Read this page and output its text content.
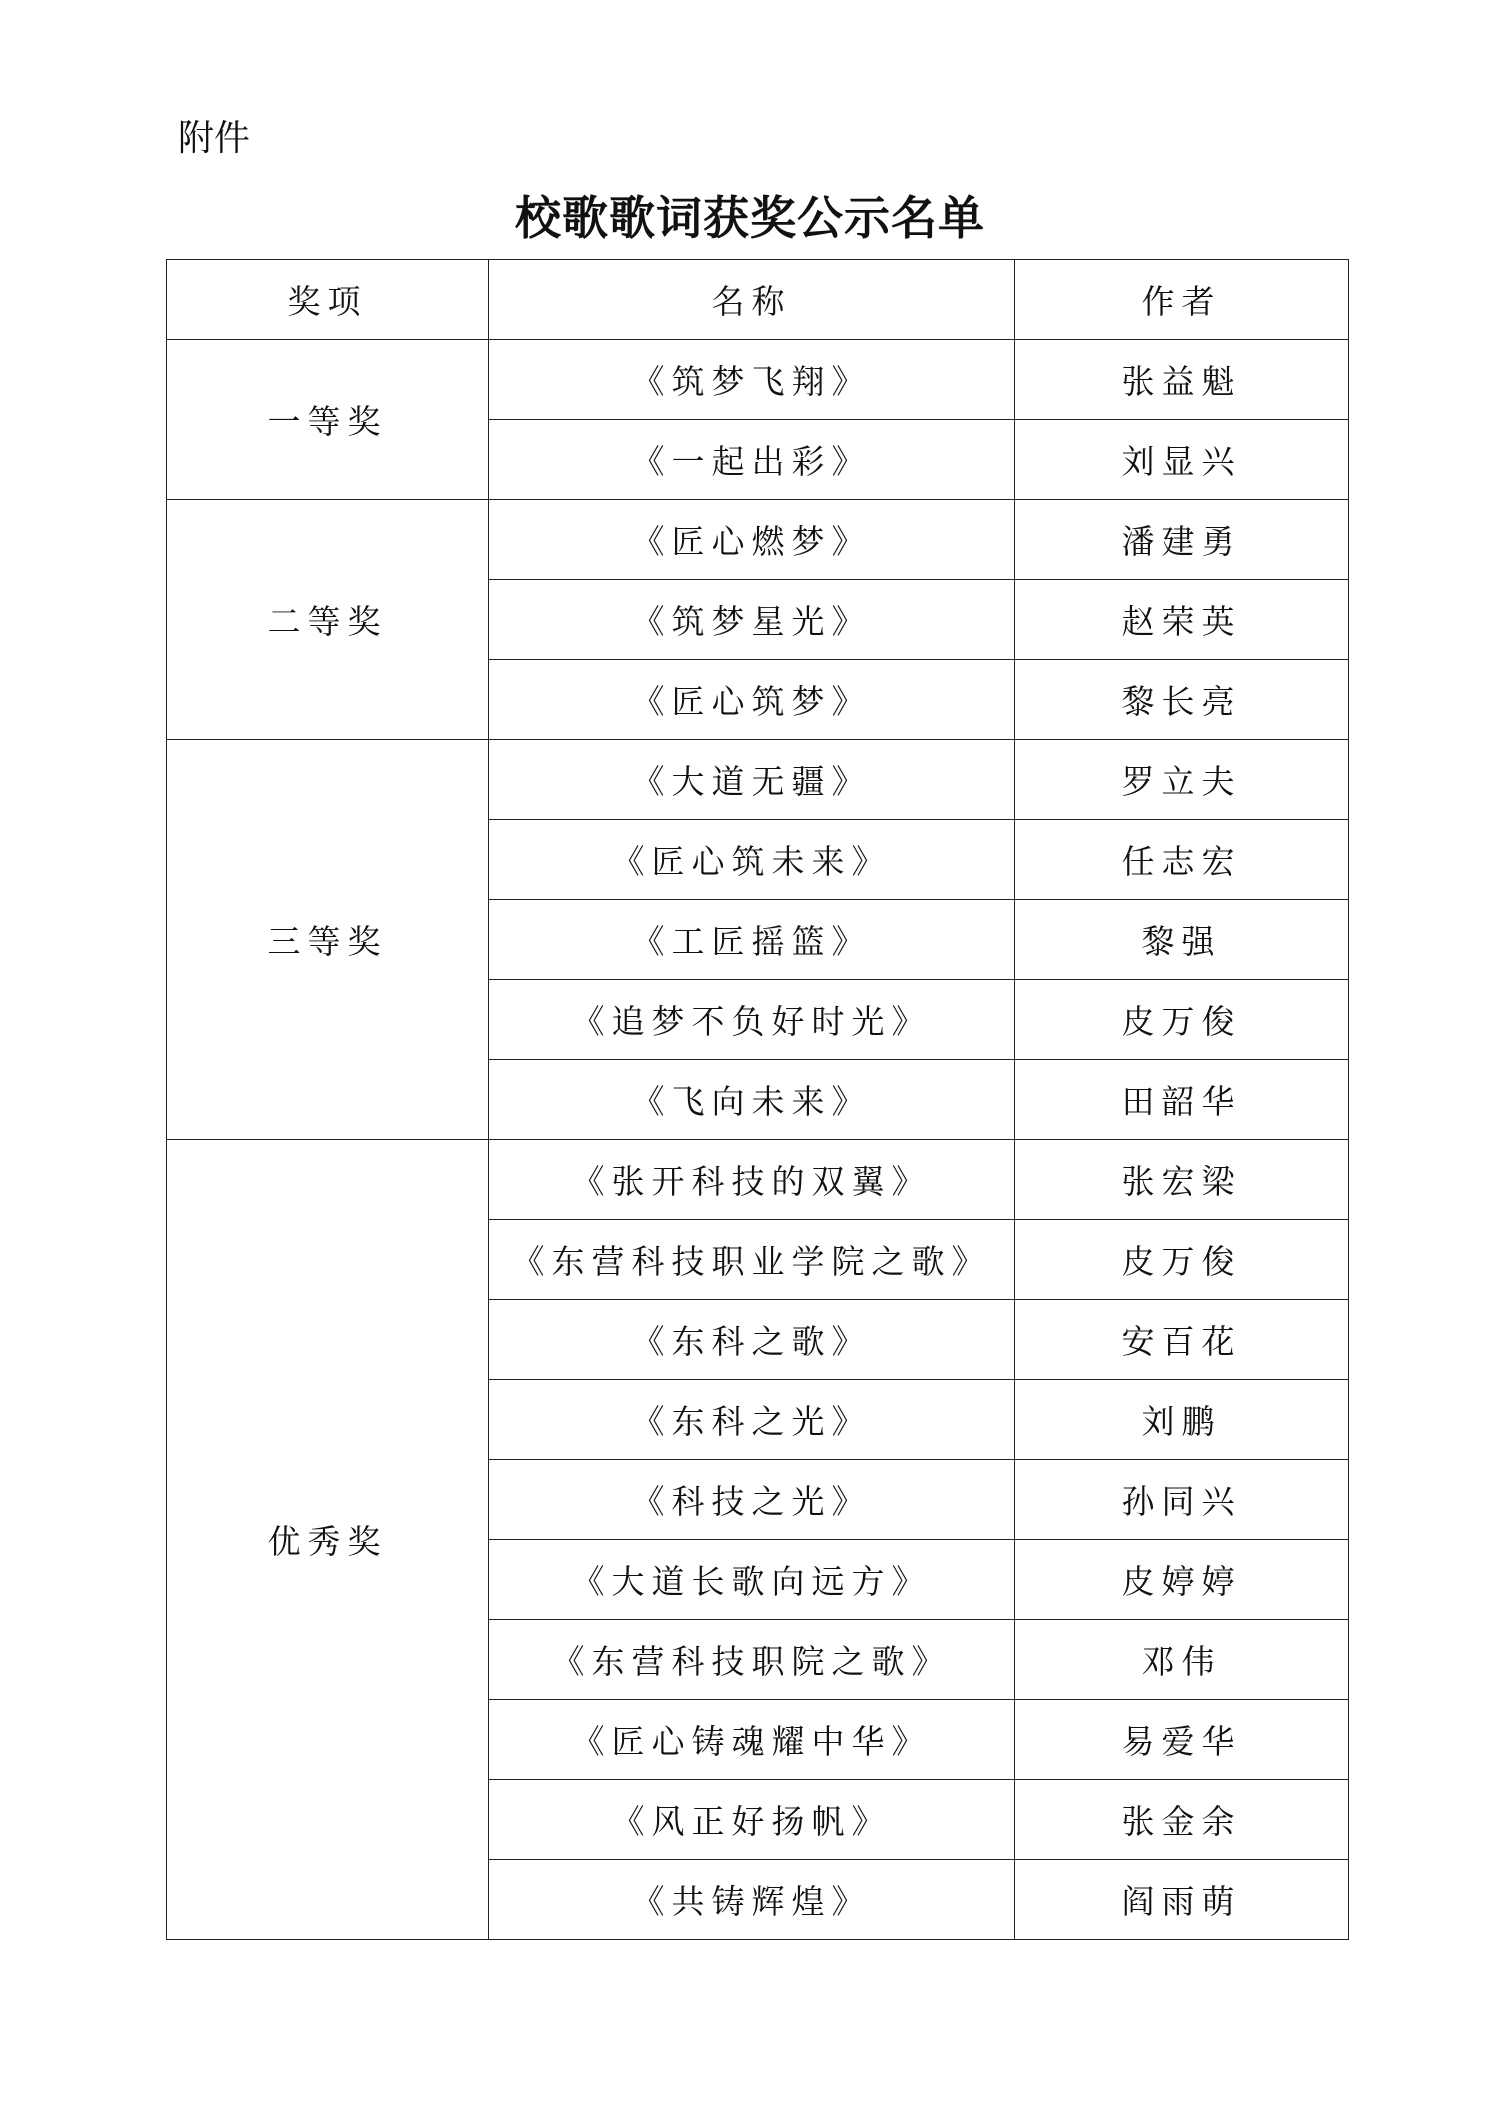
附件

校歌歌词获奖公示名单
奖项	名称	作者
一等奖	《筑梦飞翔》	张益魁
	《一起出彩》	刘显兴
二等奖	《匠心燃梦》	潘建勇
	《筑梦星光》	赵荣英
	《匠心筑梦》	黎长亮
三等奖	《大道无疆》	罗立夫
	《匠心筑未来》	任志宏
	《工匠摇篮》	黎强
	《追梦不负好时光》	皮万俊
	《飞向未来》	田韶华
优秀奖	《张开科技的双翼》	张宏梁
	《东营科技职业学院之歌》	皮万俊
	《东科之歌》	安百花
	《东科之光》	刘鹏
	《科技之光》	孙同兴
	《大道长歌向远方》	皮婷婷
	《东营科技职院之歌》	邓伟
	《匠心铸魂耀中华》	易爱华
	《风正好扬帆》	张金余
	《共铸辉煌》	阎雨萌
